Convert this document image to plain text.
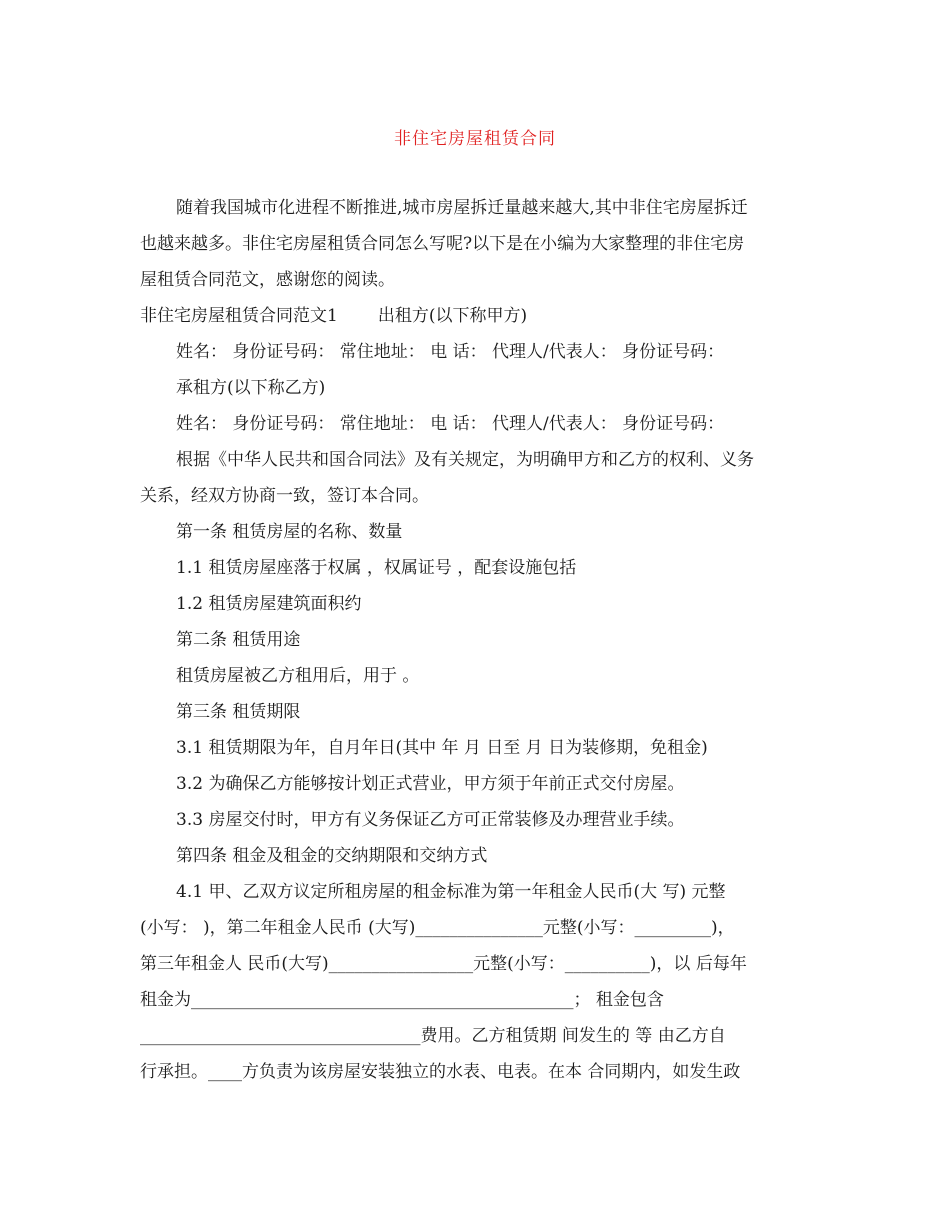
非住宅房屋租赁合同

随着我国城市化进程不断推进,城市房屋拆迁量越来越大,其中非住宅房屋拆迁

也越来越多。非住宅房屋租赁合同怎么写呢?以下是在小编为大家整理的非住宅房

屋租赁合同范文，感谢您的阅读。

非住宅房屋租赁合同范文1 出租方(以下称甲方)

姓名： 身份证号码： 常住地址： 电 话： 代理人/代表人： 身份证号码：

承租方(以下称乙方)

姓名： 身份证号码： 常住地址： 电 话： 代理人/代表人： 身份证号码：

根据《中华人民共和国合同法》及有关规定，为明确甲方和乙方的权利、义务

关系，经双方协商一致，签订本合同。

第一条 租赁房屋的名称、数量

1.1 租赁房屋座落于权属 ，权属证号 ，配套设施包括

1.2 租赁房屋建筑面积约

第二条 租赁用途

租赁房屋被乙方租用后，用于 。

第三条 租赁期限

3.1 租赁期限为年，自月年日(其中 年 月 日至 月 日为装修期，免租金)

3.2 为确保乙方能够按计划正式营业，甲方须于年前正式交付房屋。

3.3 房屋交付时，甲方有义务保证乙方可正常装修及办理营业手续。

第四条 租金及租金的交纳期限和交纳方式

4.1 甲、乙双方议定所租房屋的租金标准为第一年租金人民币(大 写) 元整

(小写： )，第二年租金人民币 (大写)_______________元整(小写：_________)，

第三年租金人 民币(大写)_________________元整(小写：__________)，以 后每年

租金为_____________________________________________； 租金包含

_________________________________费用。乙方租赁期 间发生的 等 由乙方自

行承担。____方负责为该房屋安装独立的水表、电表。在本 合同期内，如发生政
